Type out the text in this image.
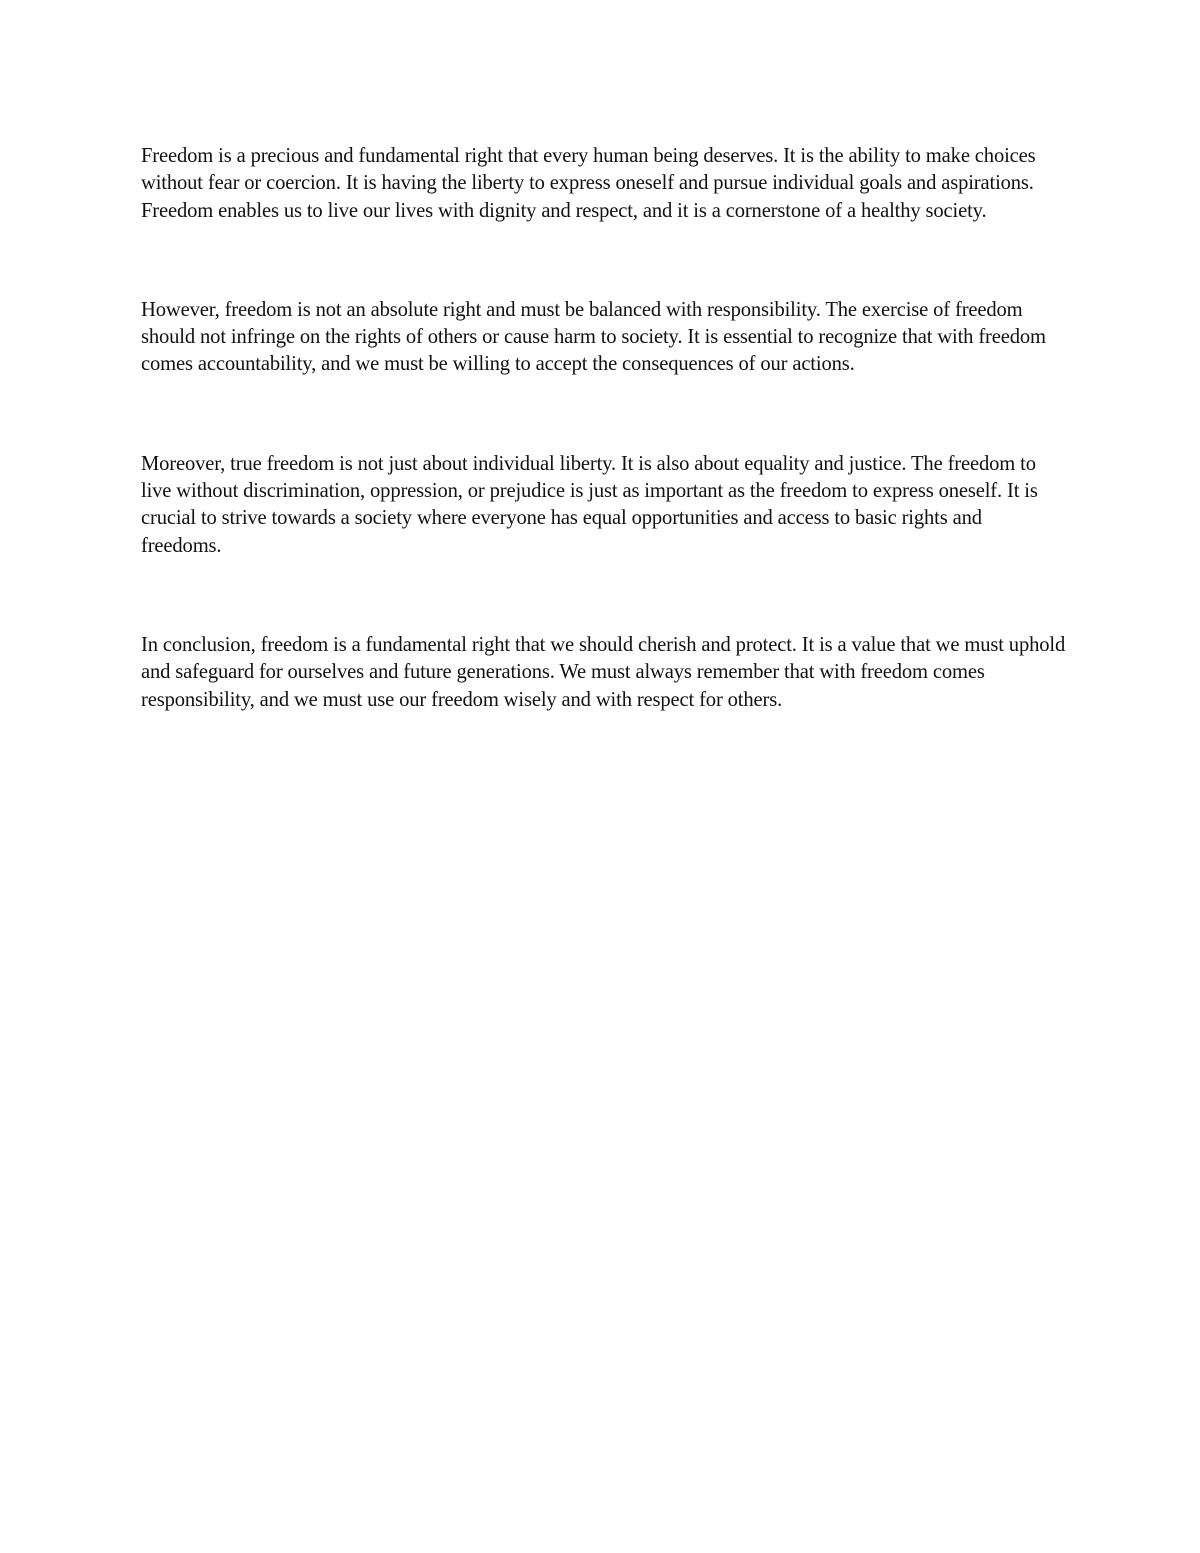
Freedom is a precious and fundamental right that every human being deserves. It is the ability to make choices without fear or coercion. It is having the liberty to express oneself and pursue individual goals and aspirations. Freedom enables us to live our lives with dignity and respect, and it is a cornerstone of a healthy society.

However, freedom is not an absolute right and must be balanced with responsibility. The exercise of freedom should not infringe on the rights of others or cause harm to society. It is essential to recognize that with freedom comes accountability, and we must be willing to accept the consequences of our actions.

Moreover, true freedom is not just about individual liberty. It is also about equality and justice. The freedom to live without discrimination, oppression, or prejudice is just as important as the freedom to express oneself. It is crucial to strive towards a society where everyone has equal opportunities and access to basic rights and freedoms.

In conclusion, freedom is a fundamental right that we should cherish and protect. It is a value that we must uphold and safeguard for ourselves and future generations. We must always remember that with freedom comes responsibility, and we must use our freedom wisely and with respect for others.
